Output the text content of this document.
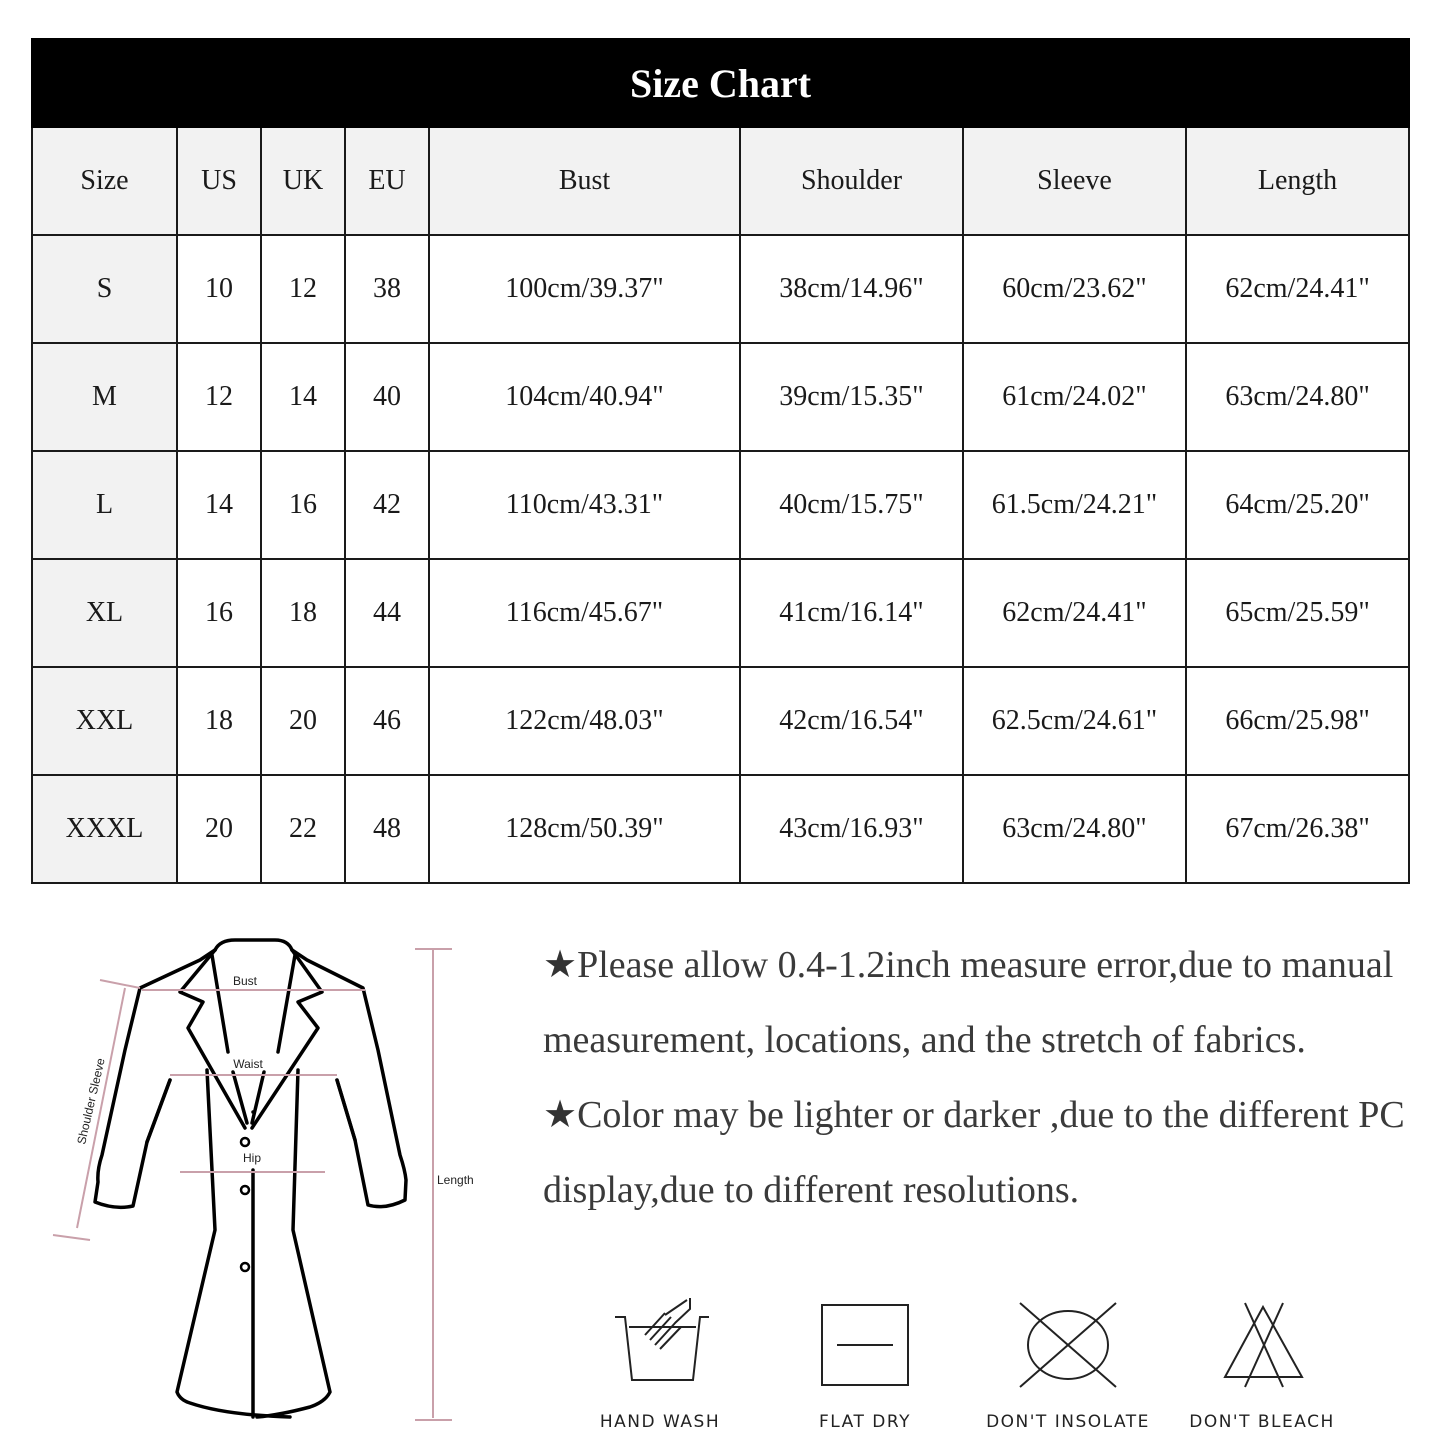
Size Chart							
Size	US	UK	EU	Bust	Shoulder	Sleeve	Length
S	10	12	38	100cm/39.37"	38cm/14.96"	60cm/23.62"	62cm/24.41"
M	12	14	40	104cm/40.94"	39cm/15.35"	61cm/24.02"	63cm/24.80"
L	14	16	42	110cm/43.31"	40cm/15.75"	61.5cm/24.21"	64cm/25.20"
XL	16	18	44	116cm/45.67"	41cm/16.14"	62cm/24.41"	65cm/25.59"
XXL	18	20	46	122cm/48.03"	42cm/16.54"	62.5cm/24.61"	66cm/25.98"
XXXL	20	22	48	128cm/50.39"	43cm/16.93"	63cm/24.80"	67cm/26.38"
Bust
Waist
Hip
Length
Shoulder Sleeve

★Please allow 0.4-1.2inch measure error,due to manual measurement, locations, and the stretch of fabrics.

★Color may be lighter or darker ,due to the different PC display,due to different resolutions.

HAND WASH	FLAT DRY	DON'T INSOLATE	DON'T BLEACH
